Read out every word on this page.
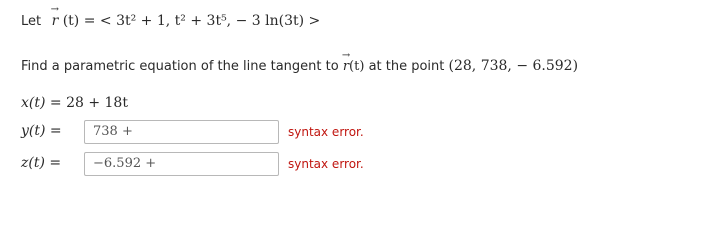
Let → r (t) = < 3t² + 1, t² + 3t⁵, − 3 ln(3t) >
Find a parametric equation of the line tangent to → r(t) at the point (28, 738, − 6.592)
x(t) = 28 + 18t
y(t) =	738 +	syntax error.
z(t) =	−6.592 +	syntax error.
